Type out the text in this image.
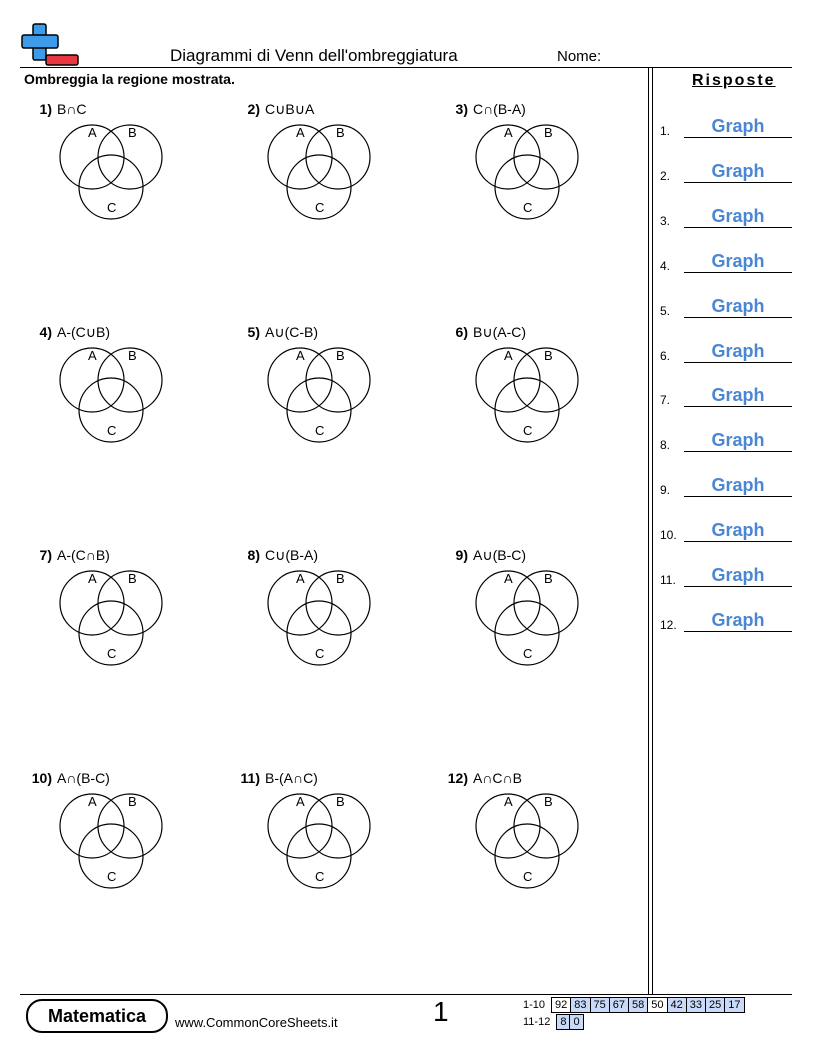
Diagrammi di Venn dell'ombreggiatura	Nome:
Ombreggia la regione mostrata.	Risposte
1.	Graph
2.	Graph
3.	Graph
4.	Graph
5.	Graph
6.	Graph
7.	Graph
8.	Graph
9.	Graph
10.	Graph
11.	Graph
12.	Graph
1) B∩C
A B
C
2) C∪B∪A
A B
C
3) C∩(B-A)
A B
C
4) A-(C∪B)
A B
C
5) A∪(C-B)
A B
C
6) B∪(A-C)
A B
C
7) A-(C∩B)
A B
C
8) C∪(B-A)
A B
C
9) A∪(B-C)
A B
C
10) A∩(B-C)
A B
C
11) B-(A∩C)
A B
C
12) A∩C∩B
A B
C
Matematica	www.CommonCoreSheets.it	1	1-10	92	83	75	67	58	50	42	33	25	17
11-12	8	0
